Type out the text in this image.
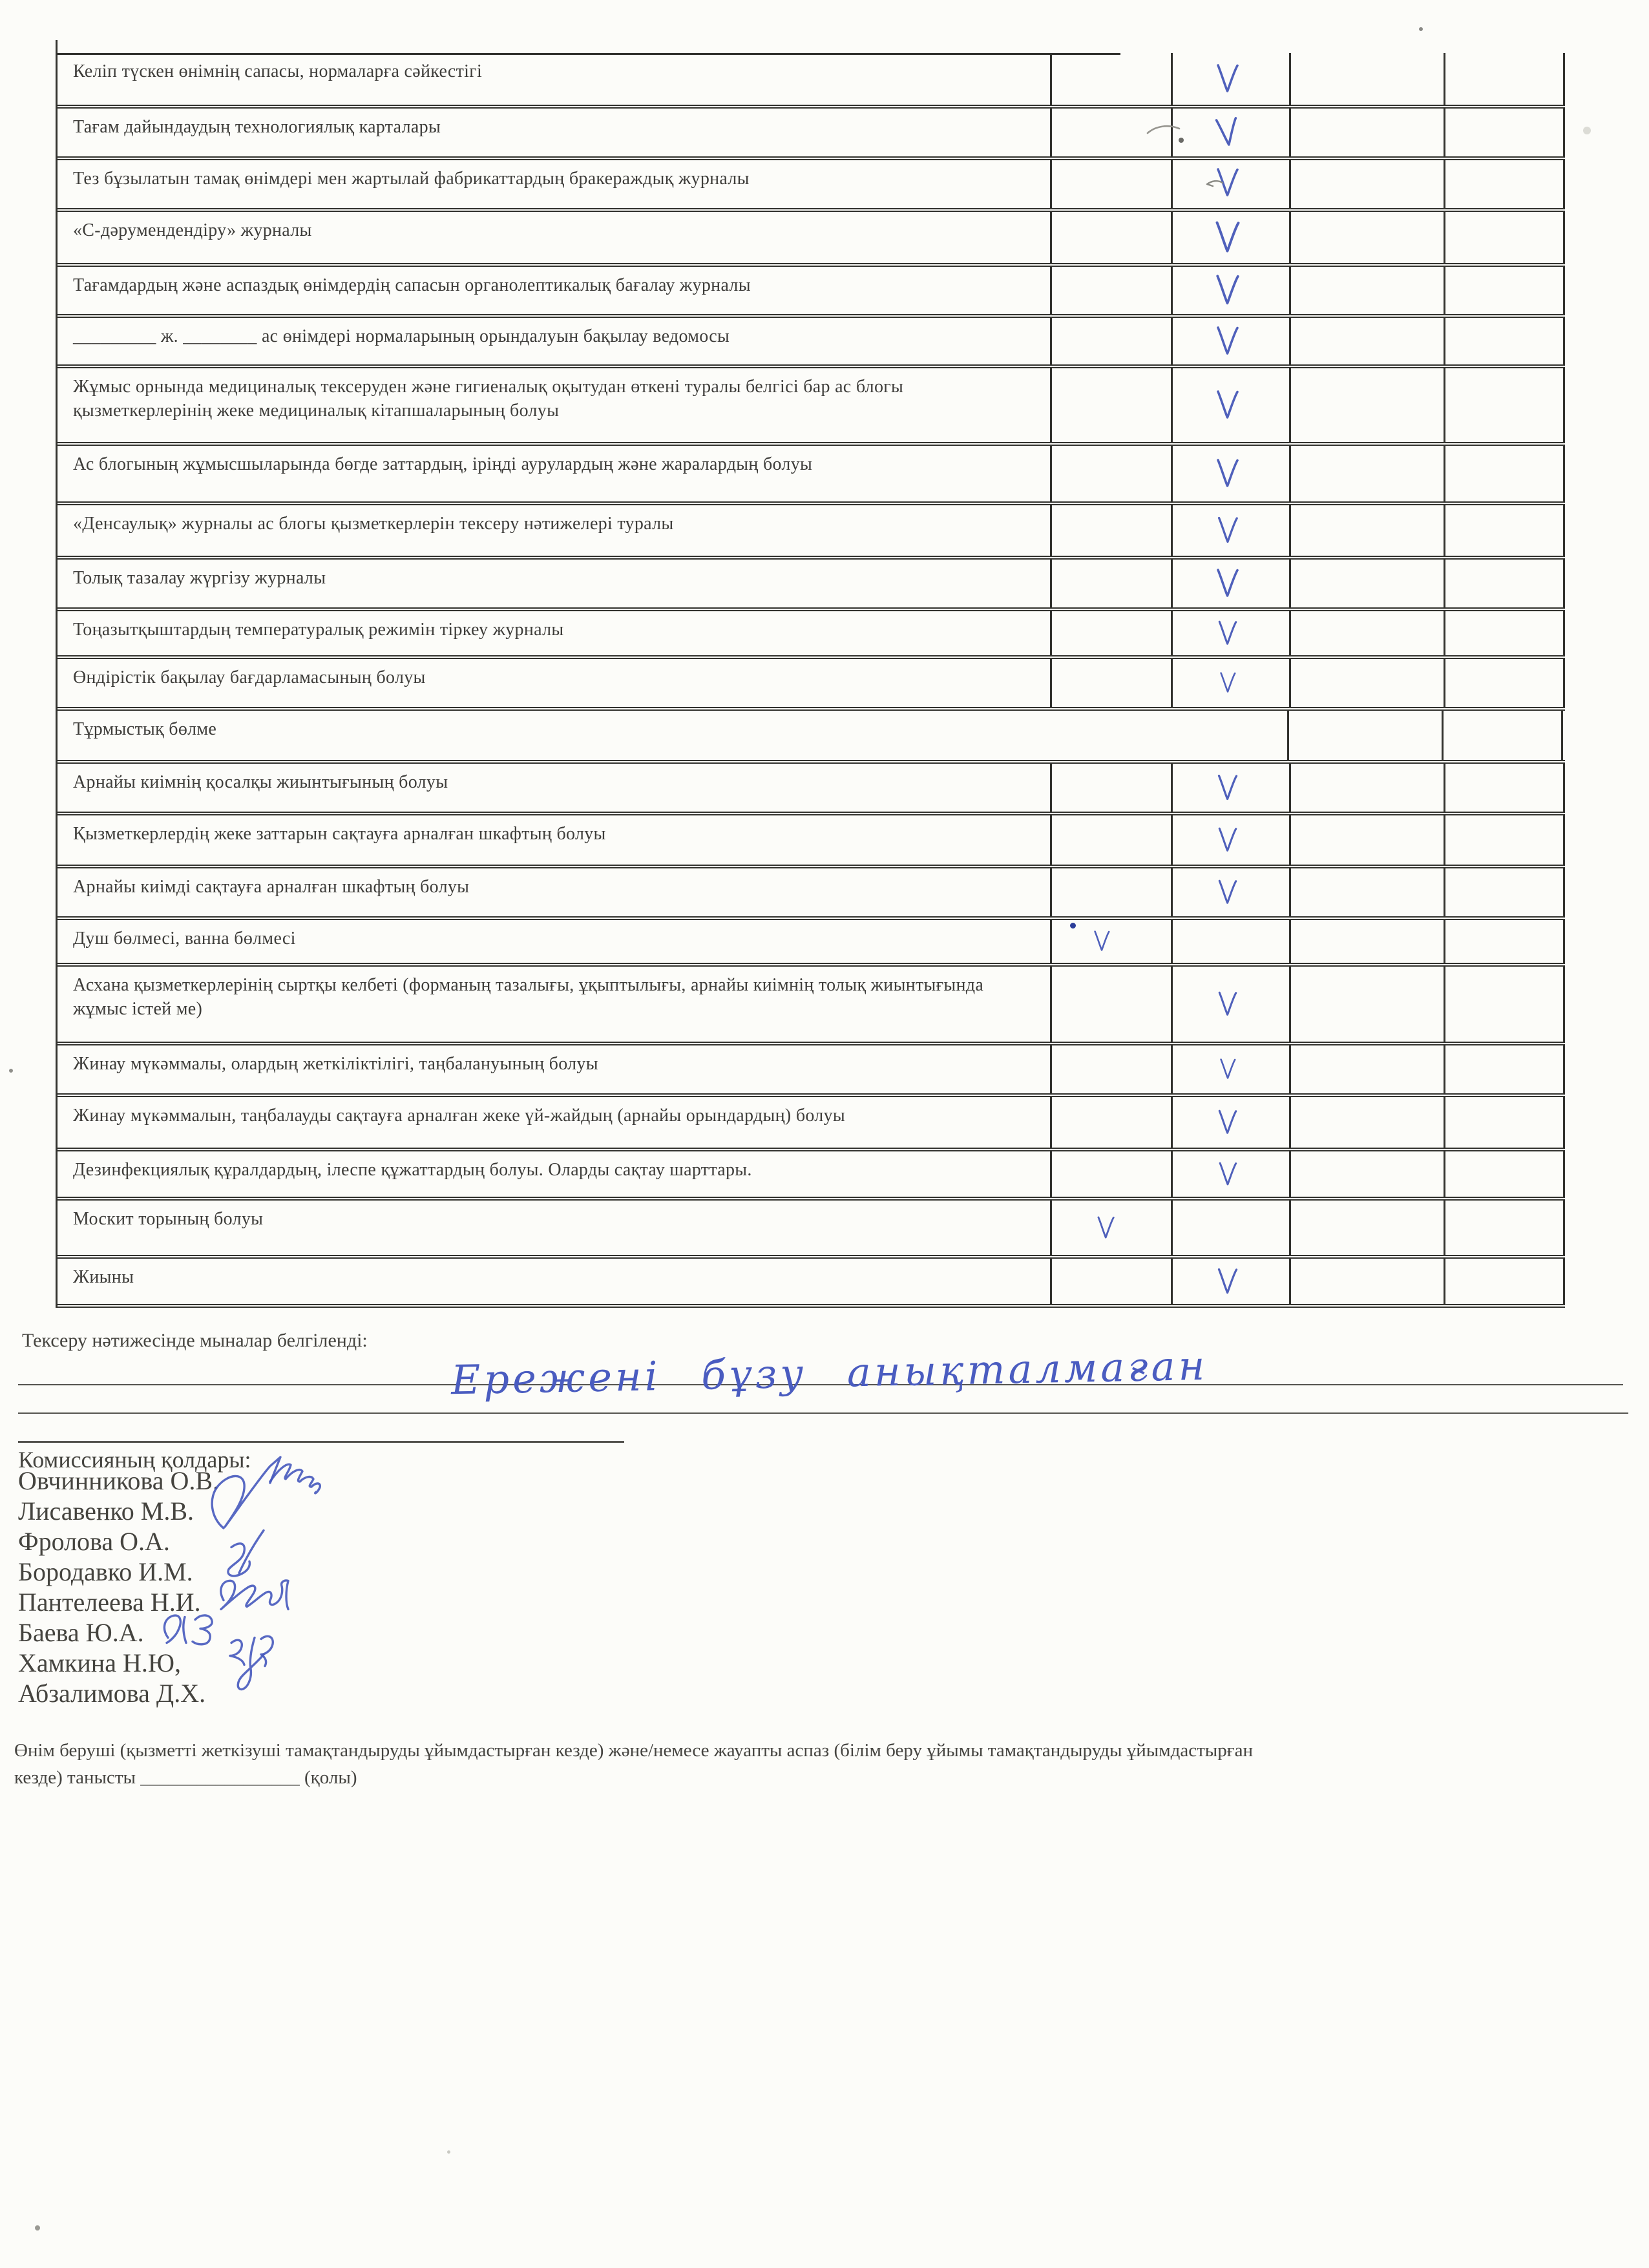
Келіп түскен өнімнің сапасы, нормаларға сәйкестігі
Тағам дайындаудың технологиялық карталары
Тез бұзылатын тамақ өнімдері мен жартылай фабрикаттардың бракераждық журналы
«С-дәрумендендіру» журналы
Тағамдардың және аспаздық өнімдердің сапасын органолептикалық бағалау журналы
_________ ж. ________ ас өнімдері нормаларының орындалуын бақылау ведомосы
Жұмыс орнында медициналық тексеруден және гигиеналық оқытудан өткені туралы белгісі бар ас блогы қызметкерлерінің жеке медициналық кітапшаларының болуы
Ас блогының жұмысшыларында бөгде заттардың, іріңді аурулардың және жаралардың болуы
«Денсаулық» журналы ас блогы қызметкерлерін тексеру нәтижелері туралы
Толық тазалау жүргізу журналы
Тоңазытқыштардың температуралық режимін тіркеу журналы
Өндірістік бақылау бағдарламасының болуы
Тұрмыстық бөлме
Арнайы киімнің қосалқы жиынтығының болуы
Қызметкерлердің жеке заттарын сақтауға арналған шкафтың болуы
Арнайы киімді сақтауға арналған шкафтың болуы
Душ бөлмесі, ванна бөлмесі
Асхана қызметкерлерінің сыртқы келбеті (форманың тазалығы, ұқыптылығы, арнайы киімнің толық жиынтығында жұмыс істей ме)
Жинау мүкәммалы, олардың жеткіліктілігі, таңбалануының болуы
Жинау мүкәммалын, таңбалауды сақтауға арналған жеке үй-жайдың (арнайы орындардың) болуы
Дезинфекциялық құралдардың, ілеспе құжаттардың болуы. Оларды сақтау шарттары.
Москит торының болуы
Жиыны
Тексеру нәтижесінде мыналар белгіленді:
Ережені бұзу анықталмаған
Комиссияның қолдары:
Овчинникова О.В.
Лисавенко М.В.
Фролова О.А.
Бородавко И.М.
Пантелеева Н.И.
Баева Ю.А.
Хамкина Н.Ю,
Абзалимова Д.Х.
Өнім беруші (қызметті жеткізуші тамақтандыруды ұйымдастырған кезде) және/немесе жауапты аспаз (білім беру ұйымы тамақтандыруды ұйымдастырған
кезде) танысты _________________ (қолы)
